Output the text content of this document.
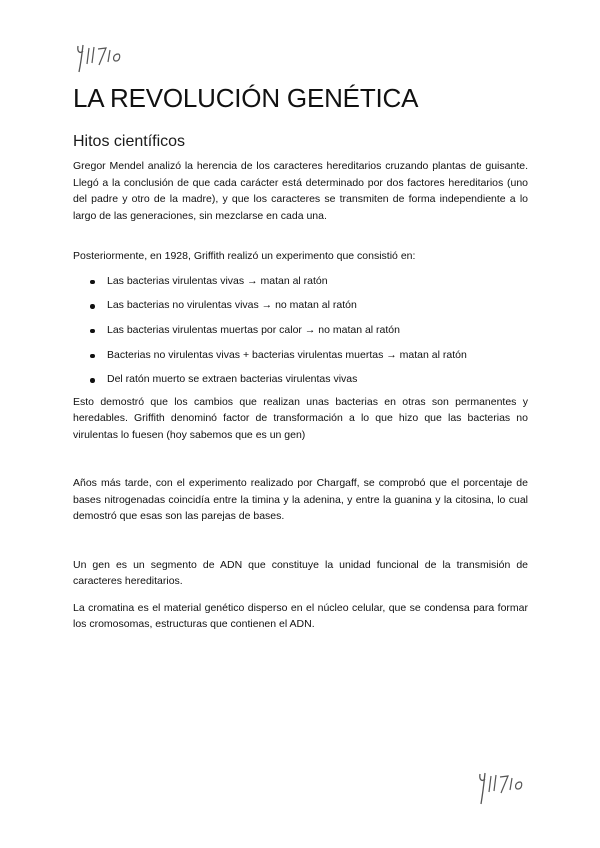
LA REVOLUCIÓN GENÉTICA
Hitos científicos

Gregor Mendel analizó la herencia de los caracteres hereditarios cruzando plantas de guisante. Llegó a la conclusión de que cada carácter está determinado por dos factores hereditarios (uno del padre y otro de la madre), y que los caracteres se transmiten de forma independiente a lo largo de las generaciones, sin mezclarse en cada una.

Posteriormente, en 1928, Griffith realizó un experimento que consistió en:

Las bacterias virulentas vivas → matan al ratón
Las bacterias no virulentas vivas → no matan al ratón
Las bacterias virulentas muertas por calor → no matan al ratón
Bacterias no virulentas vivas + bacterias virulentas muertas → matan al ratón
Del ratón muerto se extraen bacterias virulentas vivas

Esto demostró que los cambios que realizan unas bacterias en otras son permanentes y heredables. Griffith denominó factor de transformación a lo que hizo que las bacterias no virulentas lo fuesen (hoy sabemos que es un gen)

Años más tarde, con el experimento realizado por Chargaff, se comprobó que el porcentaje de bases nitrogenadas coincidía entre la timina y la adenina, y entre la guanina y la citosina, lo cual demostró que esas son las parejas de bases.

Un gen es un segmento de ADN que constituye la unidad funcional de la transmisión de caracteres hereditarios.

La cromatina es el material genético disperso en el núcleo celular, que se condensa para formar los cromosomas, estructuras que contienen el ADN.
